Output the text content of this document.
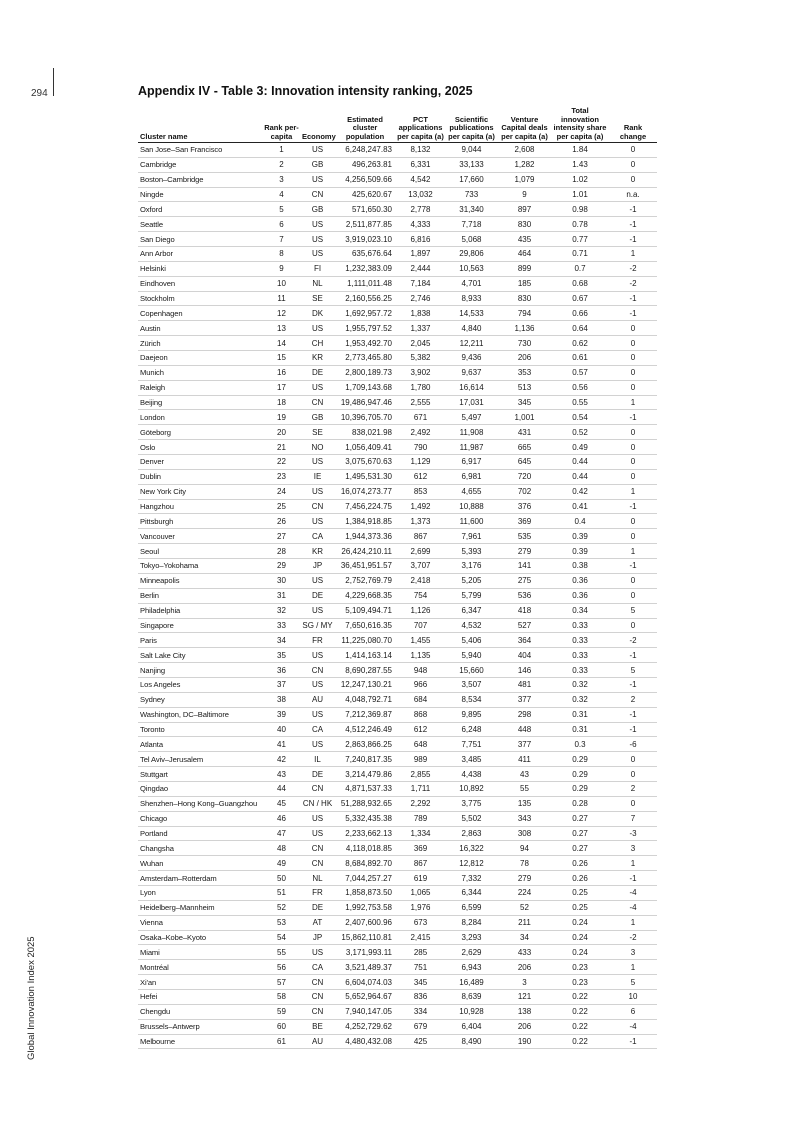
294
Global Innovation Index 2025
Appendix IV - Table 3: Innovation intensity ranking, 2025
Cluster name	Rank per-capita	Economy	Estimated cluster population	PCT applications per capita (a)	Scientific publications per capita (a)	Venture Capital deals per capita (a)	Total innovation intensity share per capita (a)	Rank change
San Jose–San Francisco	1	US	6,248,247.83	8,132	9,044	2,608	1.84	0
Cambridge	2	GB	496,263.81	6,331	33,133	1,282	1.43	0
Boston–Cambridge	3	US	4,256,509.66	4,542	17,660	1,079	1.02	0
Ningde	4	CN	425,620.67	13,032	733	9	1.01	n.a.
Oxford	5	GB	571,650.30	2,778	31,340	897	0.98	-1
Seattle	6	US	2,511,877.85	4,333	7,718	830	0.78	-1
San Diego	7	US	3,919,023.10	6,816	5,068	435	0.77	-1
Ann Arbor	8	US	635,676.64	1,897	29,806	464	0.71	1
Helsinki	9	FI	1,232,383.09	2,444	10,563	899	0.7	-2
Eindhoven	10	NL	1,111,011.48	7,184	4,701	185	0.68	-2
Stockholm	11	SE	2,160,556.25	2,746	8,933	830	0.67	-1
Copenhagen	12	DK	1,692,957.72	1,838	14,533	794	0.66	-1
Austin	13	US	1,955,797.52	1,337	4,840	1,136	0.64	0
Zürich	14	CH	1,953,492.70	2,045	12,211	730	0.62	0
Daejeon	15	KR	2,773,465.80	5,382	9,436	206	0.61	0
Munich	16	DE	2,800,189.73	3,902	9,637	353	0.57	0
Raleigh	17	US	1,709,143.68	1,780	16,614	513	0.56	0
Beijing	18	CN	19,486,947.46	2,555	17,031	345	0.55	1
London	19	GB	10,396,705.70	671	5,497	1,001	0.54	-1
Göteborg	20	SE	838,021.98	2,492	11,908	431	0.52	0
Oslo	21	NO	1,056,409.41	790	11,987	665	0.49	0
Denver	22	US	3,075,670.63	1,129	6,917	645	0.44	0
Dublin	23	IE	1,495,531.30	612	6,981	720	0.44	0
New York City	24	US	16,074,273.77	853	4,655	702	0.42	1
Hangzhou	25	CN	7,456,224.75	1,492	10,888	376	0.41	-1
Pittsburgh	26	US	1,384,918.85	1,373	11,600	369	0.4	0
Vancouver	27	CA	1,944,373.36	867	7,961	535	0.39	0
Seoul	28	KR	26,424,210.11	2,699	5,393	279	0.39	1
Tokyo–Yokohama	29	JP	36,451,951.57	3,707	3,176	141	0.38	-1
Minneapolis	30	US	2,752,769.79	2,418	5,205	275	0.36	0
Berlin	31	DE	4,229,668.35	754	5,799	536	0.36	0
Philadelphia	32	US	5,109,494.71	1,126	6,347	418	0.34	5
Singapore	33	SG / MY	7,650,616.35	707	4,532	527	0.33	0
Paris	34	FR	11,225,080.70	1,455	5,406	364	0.33	-2
Salt Lake City	35	US	1,414,163.14	1,135	5,940	404	0.33	-1
Nanjing	36	CN	8,690,287.55	948	15,660	146	0.33	5
Los Angeles	37	US	12,247,130.21	966	3,507	481	0.32	-1
Sydney	38	AU	4,048,792.71	684	8,534	377	0.32	2
Washington, DC–Baltimore	39	US	7,212,369.87	868	9,895	298	0.31	-1
Toronto	40	CA	4,512,246.49	612	6,248	448	0.31	-1
Atlanta	41	US	2,863,866.25	648	7,751	377	0.3	-6
Tel Aviv–Jerusalem	42	IL	7,240,817.35	989	3,485	411	0.29	0
Stuttgart	43	DE	3,214,479.86	2,855	4,438	43	0.29	0
Qingdao	44	CN	4,871,537.33	1,711	10,892	55	0.29	2
Shenzhen–Hong Kong–Guangzhou	45	CN / HK	51,288,932.65	2,292	3,775	135	0.28	0
Chicago	46	US	5,332,435.38	789	5,502	343	0.27	7
Portland	47	US	2,233,662.13	1,334	2,863	308	0.27	-3
Changsha	48	CN	4,118,018.85	369	16,322	94	0.27	3
Wuhan	49	CN	8,684,892.70	867	12,812	78	0.26	1
Amsterdam–Rotterdam	50	NL	7,044,257.27	619	7,332	279	0.26	-1
Lyon	51	FR	1,858,873.50	1,065	6,344	224	0.25	-4
Heidelberg–Mannheim	52	DE	1,992,753.58	1,976	6,599	52	0.25	-4
Vienna	53	AT	2,407,600.96	673	8,284	211	0.24	1
Osaka–Kobe–Kyoto	54	JP	15,862,110.81	2,415	3,293	34	0.24	-2
Miami	55	US	3,171,993.11	285	2,629	433	0.24	3
Montréal	56	CA	3,521,489.37	751	6,943	206	0.23	1
Xi'an	57	CN	6,604,074.03	345	16,489	3	0.23	5
Hefei	58	CN	5,652,964.67	836	8,639	121	0.22	10
Chengdu	59	CN	7,940,147.05	334	10,928	138	0.22	6
Brussels–Antwerp	60	BE	4,252,729.62	679	6,404	206	0.22	-4
Melbourne	61	AU	4,480,432.08	425	8,490	190	0.22	-1
